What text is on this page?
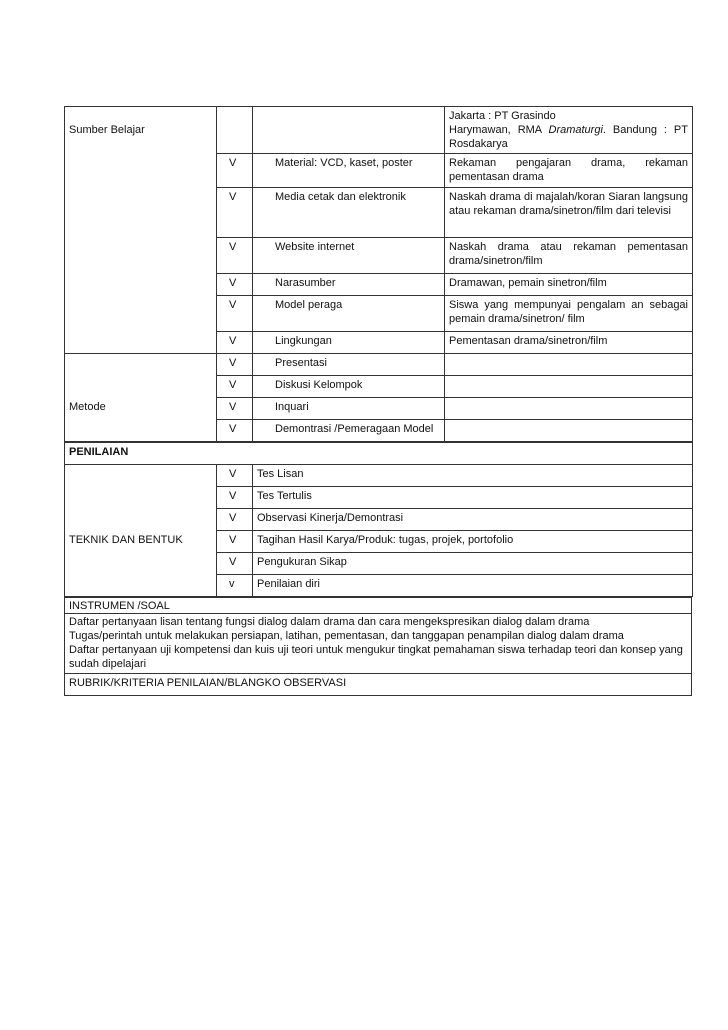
Sumber Belajar			Jakarta : PT Grasindo
Harymawan, RMA Dramaturgi. Bandung : PT Rosdakarya

	V	Material: VCD, kaset, poster	Rekaman pengajaran drama, rekaman pementasan drama
	V	Media cetak dan elektronik	Naskah drama di majalah/koran Siaran langsung atau rekaman drama/sinetron/film dari televisi
	V	Website internet	Naskah drama atau rekaman pementasan drama/sinetron/film
	V	Narasumber	Dramawan, pemain sinetron/film
	V	Model peraga	Siswa yang mempunyai pengalam an sebagai pemain drama/sinetron/ film
	V	Lingkungan	Pementasan drama/sinetron/film
	V	Presentasi	
	V	Diskusi Kelompok	
Metode	V	Inquari	
	V	Demontrasi /Pemeragaan Model	
PENILAIAN		
	V	Tes Lisan
	V	Tes Tertulis
	V	Observasi Kinerja/Demontrasi
TEKNIK DAN BENTUK	V	Tagihan Hasil Karya/Produk: tugas, projek, portofolio
	V	Pengukuran Sikap
	v	Penilaian diri
INSTRUMEN /SOAL

Daftar pertanyaan lisan tentang fungsi dialog dalam drama dan cara mengekspresikan dialog dalam drama
Tugas/perintah untuk melakukan persiapan, latihan, pementasan, dan tanggapan penampilan dialog dalam drama
Daftar pertanyaan uji kompetensi dan kuis uji teori untuk mengukur tingkat pemahaman siswa terhadap teori dan konsep yang sudah dipelajari

RUBRIK/KRITERIA PENILAIAN/BLANGKO OBSERVASI
